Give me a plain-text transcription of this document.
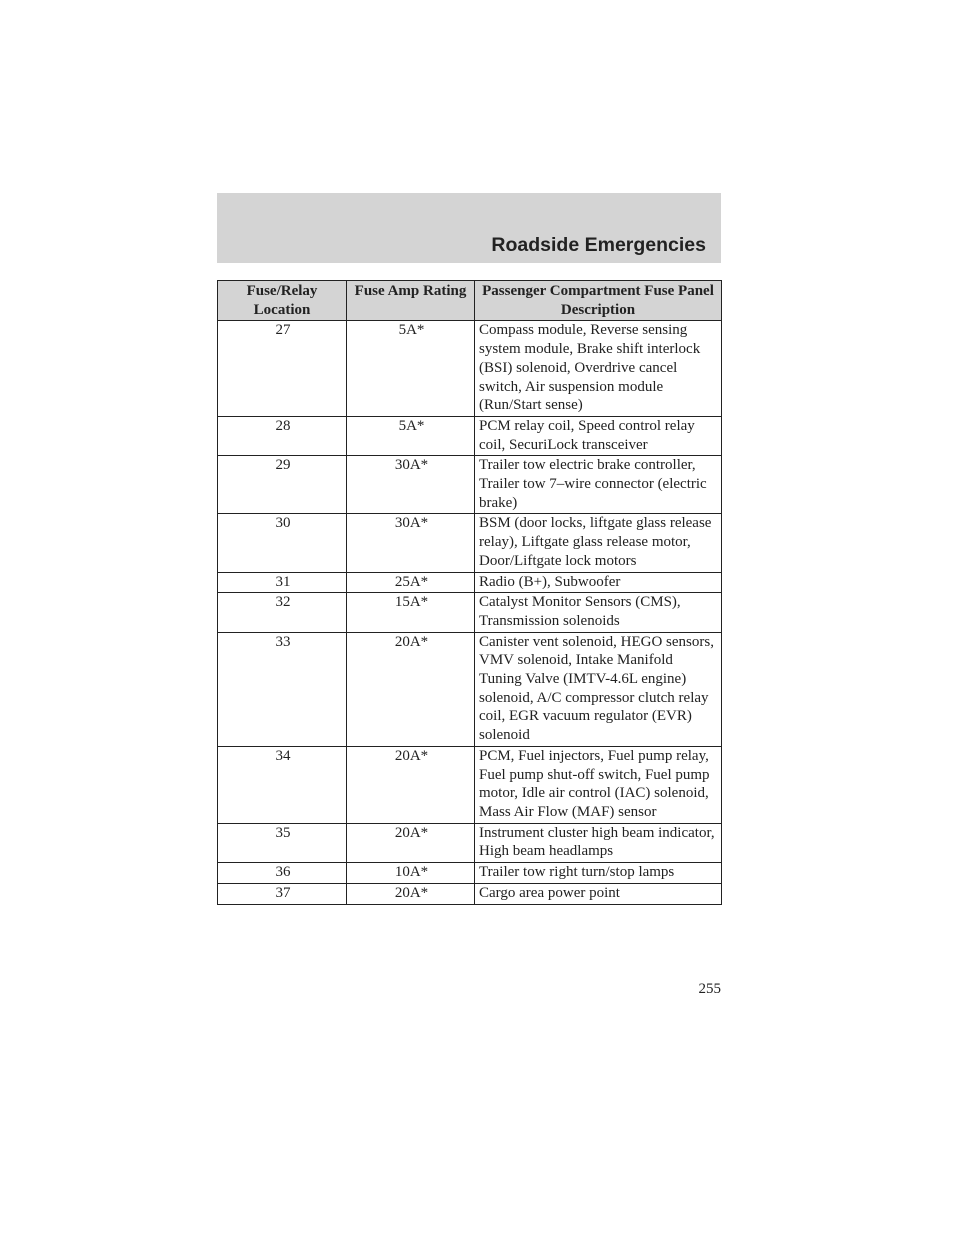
Roadside Emergencies
Fuse/Relay Location	Fuse Amp Rating	Passenger Compartment Fuse Panel Description
27	5A*	Compass module, Reverse sensing system module, Brake shift interlock (BSI) solenoid, Overdrive cancel switch, Air suspension module (Run/Start sense)
28	5A*	PCM relay coil, Speed control relay coil, SecuriLock transceiver
29	30A*	Trailer tow electric brake controller, Trailer tow 7–wire connector (electric brake)
30	30A*	BSM (door locks, liftgate glass release relay), Liftgate glass release motor, Door/Liftgate lock motors
31	25A*	Radio (B+), Subwoofer
32	15A*	Catalyst Monitor Sensors (CMS), Transmission solenoids
33	20A*	Canister vent solenoid, HEGO sensors, VMV solenoid, Intake Manifold Tuning Valve (IMTV-4.6L engine) solenoid, A/C compressor clutch relay coil, EGR vacuum regulator (EVR) solenoid
34	20A*	PCM, Fuel injectors, Fuel pump relay, Fuel pump shut-off switch, Fuel pump motor, Idle air control (IAC) solenoid, Mass Air Flow (MAF) sensor
35	20A*	Instrument cluster high beam indicator, High beam headlamps
36	10A*	Trailer tow right turn/stop lamps
37	20A*	Cargo area power point
255
